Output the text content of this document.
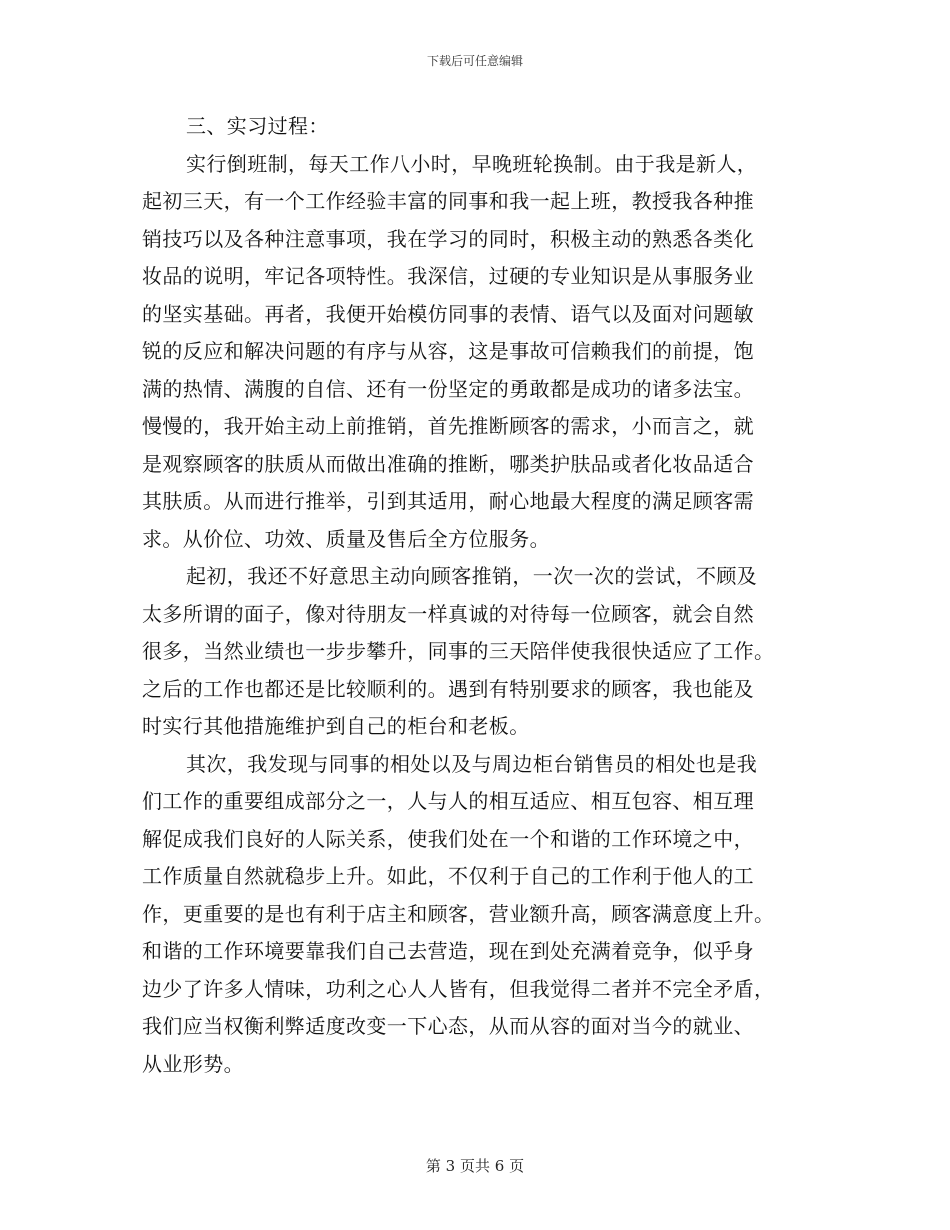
下载后可任意编辑
三、实习过程：
实行倒班制，每天工作八小时，早晚班轮换制。由于我是新人，
起初三天，有一个工作经验丰富的同事和我一起上班，教授我各种推
销技巧以及各种注意事项，我在学习的同时，积极主动的熟悉各类化
妆品的说明，牢记各项特性。我深信，过硬的专业知识是从事服务业
的坚实基础。再者，我便开始模仿同事的表情、语气以及面对问题敏
锐的反应和解决问题的有序与从容，这是事故可信赖我们的前提，饱
满的热情、满腹的自信、还有一份坚定的勇敢都是成功的诸多法宝。
慢慢的，我开始主动上前推销，首先推断顾客的需求，小而言之，就
是观察顾客的肤质从而做出准确的推断，哪类护肤品或者化妆品适合
其肤质。从而进行推举，引到其适用，耐心地最大程度的满足顾客需
求。从价位、功效、质量及售后全方位服务。
起初，我还不好意思主动向顾客推销，一次一次的尝试，不顾及
太多所谓的面子，像对待朋友一样真诚的对待每一位顾客，就会自然
很多，当然业绩也一步步攀升，同事的三天陪伴使我很快适应了工作。
之后的工作也都还是比较顺利的。遇到有特别要求的顾客，我也能及
时实行其他措施维护到自己的柜台和老板。
其次，我发现与同事的相处以及与周边柜台销售员的相处也是我
们工作的重要组成部分之一，人与人的相互适应、相互包容、相互理
解促成我们良好的人际关系，使我们处在一个和谐的工作环境之中，
工作质量自然就稳步上升。如此，不仅利于自己的工作利于他人的工
作，更重要的是也有利于店主和顾客，营业额升高，顾客满意度上升。
和谐的工作环境要靠我们自己去营造，现在到处充满着竞争，似乎身
边少了许多人情味，功利之心人人皆有，但我觉得二者并不完全矛盾，
我们应当权衡利弊适度改变一下心态，从而从容的面对当今的就业、
从业形势。
第 3 页共 6 页
